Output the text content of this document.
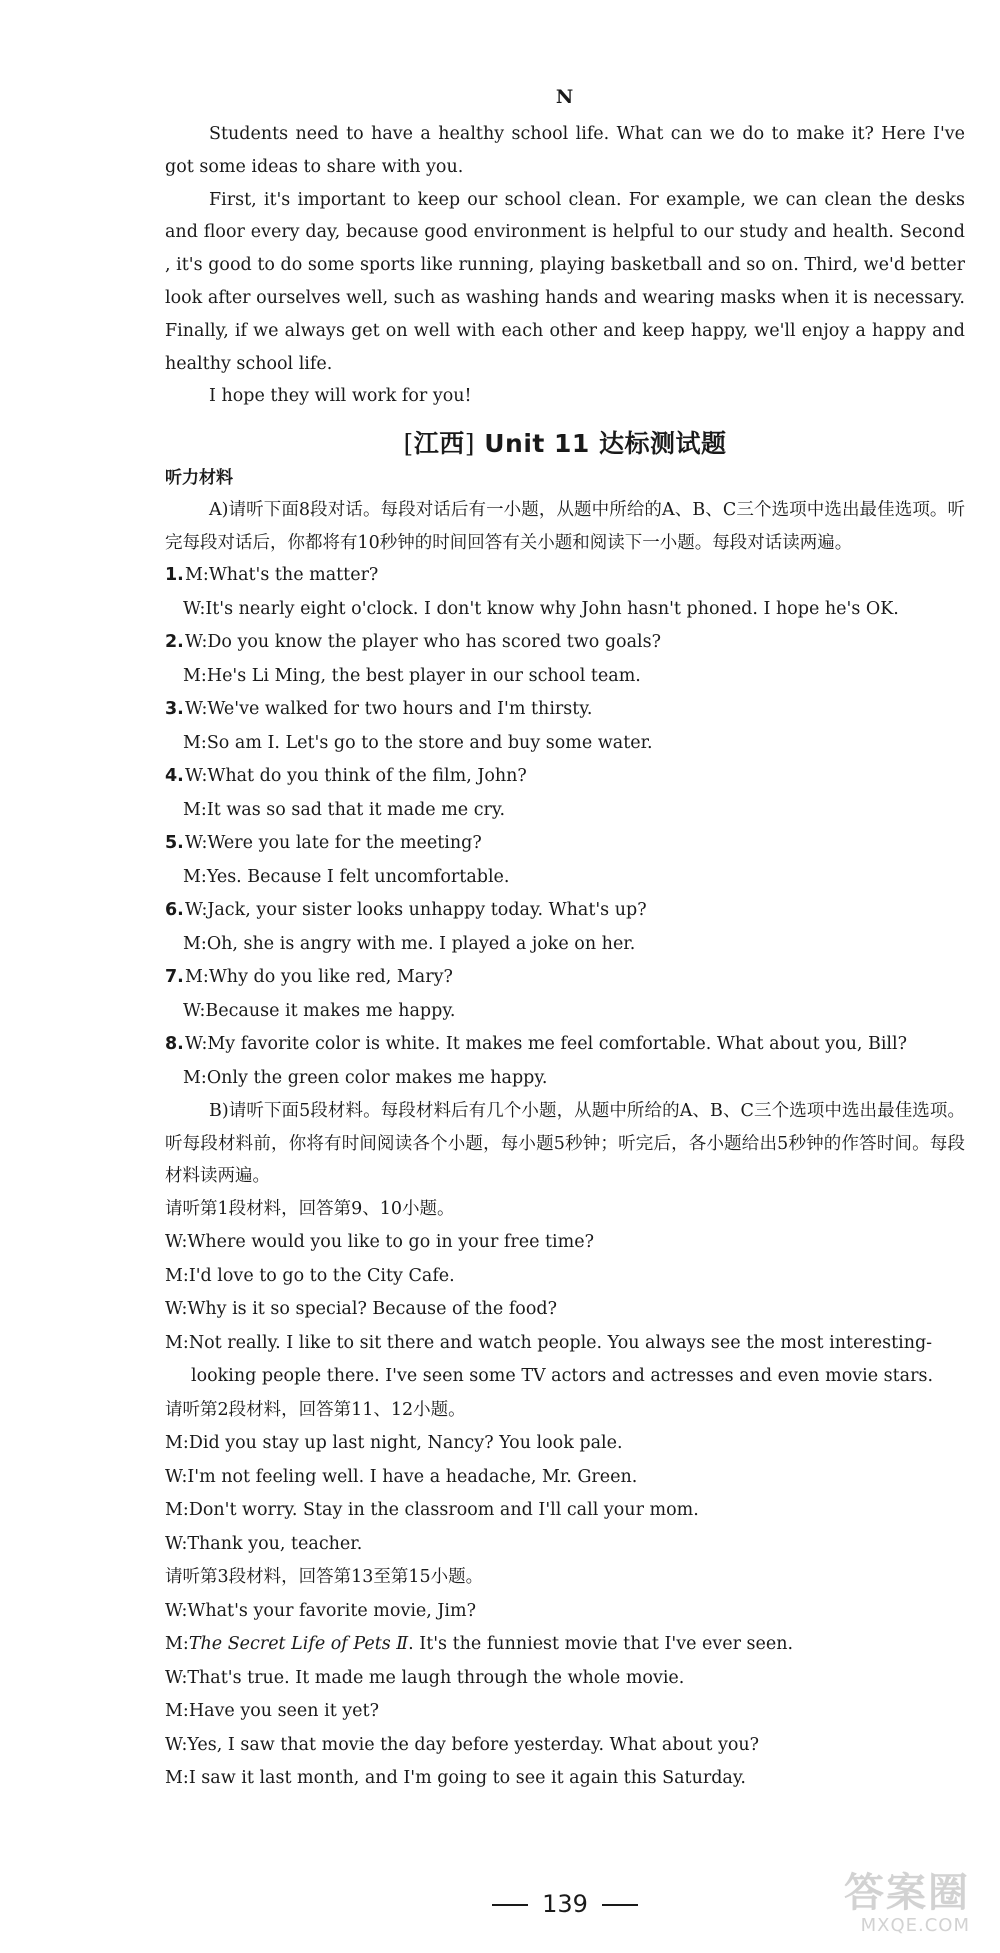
N

Students need to have a healthy school life. What can we do to make it? Here I've got some ideas to share with you.

First, it's important to keep our school clean. For example, we can clean the desks and floor every day, because good environment is helpful to our study and health. Second , it's good to do some sports like running, playing basketball and so on. Third, we'd better look after ourselves well, such as washing hands and wearing masks when it is necessary. Finally, if we always get on well with each other and keep happy, we'll enjoy a happy and healthy school life.

I hope they will work for you!

[江西] Unit 11 达标测试题
听力材料

A)请听下面8段对话。每段对话后有一小题，从题中所给的A、B、C三个选项中选出最佳选项。听完每段对话后，你都将有10秒钟的时间回答有关小题和阅读下一小题。每段对话读两遍。

1.M:What's the matter?
W:It's nearly eight o'clock. I don't know why John hasn't phoned. I hope he's OK.
2.W:Do you know the player who has scored two goals?
M:He's Li Ming, the best player in our school team.
3.W:We've walked for two hours and I'm thirsty.
M:So am I. Let's go to the store and buy some water.
4.W:What do you think of the film, John?
M:It was so sad that it made me cry.
5.W:Were you late for the meeting?
M:Yes. Because I felt uncomfortable.
6.W:Jack, your sister looks unhappy today. What's up?
M:Oh, she is angry with me. I played a joke on her.
7.M:Why do you like red, Mary?
W:Because it makes me happy.
8.W:My favorite color is white. It makes me feel comfortable. What about you, Bill?
M:Only the green color makes me happy.

B)请听下面5段材料。每段材料后有几个小题，从题中所给的A、B、C三个选项中选出最佳选项。听每段材料前，你将有时间阅读各个小题，每小题5秒钟；听完后，各小题给出5秒钟的作答时间。每段材料读两遍。

请听第1段材料，回答第9、10小题。
W:Where would you like to go in your free time?
M:I'd love to go to the City Cafe.
W:Why is it so special? Because of the food?
M:Not really. I like to sit there and watch people. You always see the most interesting-looking people there. I've seen some TV actors and actresses and even movie stars.
请听第2段材料，回答第11、12小题。
M:Did you stay up last night, Nancy? You look pale.
W:I'm not feeling well. I have a headache, Mr. Green.
M:Don't worry. Stay in the classroom and I'll call your mom.
W:Thank you, teacher.
请听第3段材料，回答第13至第15小题。
W:What's your favorite movie, Jim?
M:The Secret Life of Pets Ⅱ. It's the funniest movie that I've ever seen.
W:That's true. It made me laugh through the whole movie.
M:Have you seen it yet?
W:Yes, I saw that movie the day before yesterday. What about you?
M:I saw it last month, and I'm going to see it again this Saturday.
139	答案圈
MXQE.COM
